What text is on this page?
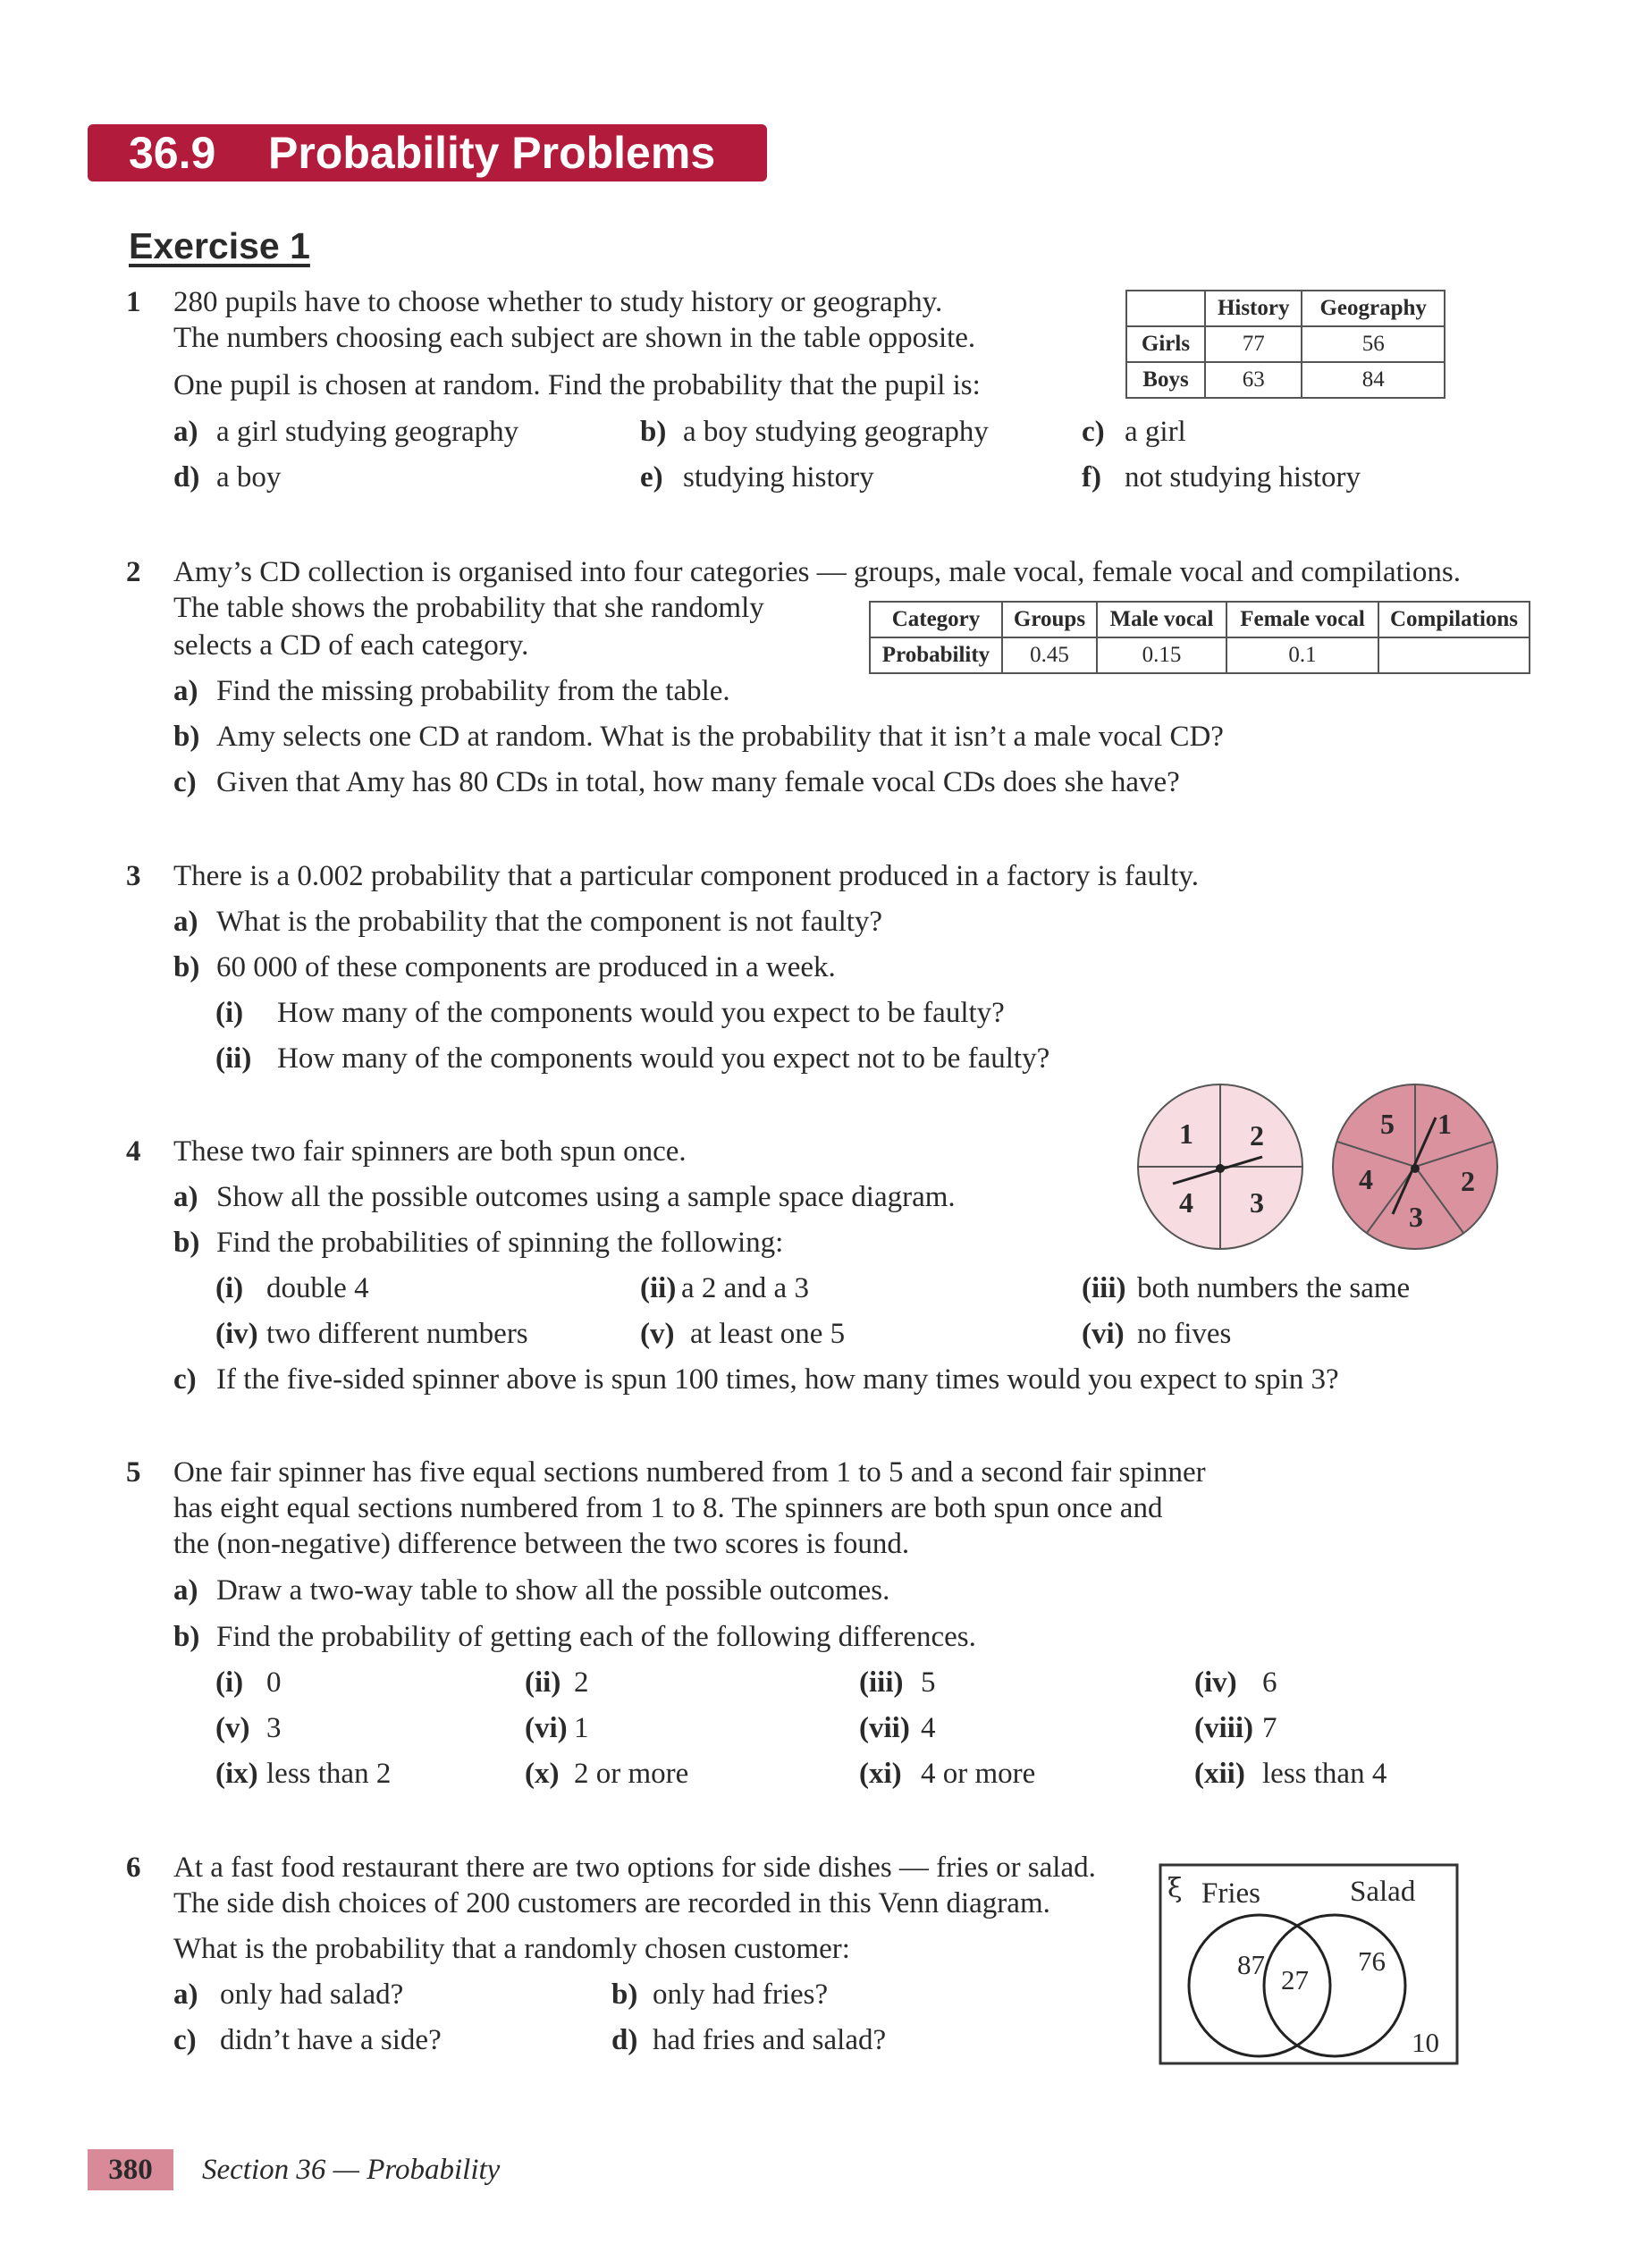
36.9 Probability Problems
Exercise 1
1 280 pupils have to choose whether to study history or geography.
The numbers choosing each subject are shown in the table opposite.
One pupil is chosen at random. Find the probability that the pupil is:
	History	Geography
Girls	77	56
Boys	63	84
a) a girl studying geography	b) a boy studying geography	c) a girl
d) a boy	e) studying history	f) not studying history
2 Amy’s CD collection is organised into four categories — groups, male vocal, female vocal and compilations.
The table shows the probability that she randomly
selects a CD of each category.
Category	Groups	Male vocal	Female vocal	Compilations
Probability	0.45	0.15	0.1	
a) Find the missing probability from the table.
b) Amy selects one CD at random. What is the probability that it isn’t a male vocal CD?
c) Given that Amy has 80 CDs in total, how many female vocal CDs does she have?
3 There is a 0.002 probability that a particular component produced in a factory is faulty.
a) What is the probability that the component is not faulty?
b) 60 000 of these components are produced in a week.
(i) How many of the components would you expect to be faulty?
(ii) How many of the components would you expect not to be faulty?
4 These two fair spinners are both spun once.
a) Show all the possible outcomes using a sample space diagram.
b) Find the probabilities of spinning the following:
(i) double 4	(ii) a 2 and a 3	(iii) both numbers the same
(iv) two different numbers	(v) at least one 5	(vi) no fives
c) If the five-sided spinner above is spun 100 times, how many times would you expect to spin 3?
1 2
3
4
5 1
2
3
4
5 One fair spinner has five equal sections numbered from 1 to 5 and a second fair spinner
has eight equal sections numbered from 1 to 8. The spinners are both spun once and
the (non-negative) difference between the two scores is found.
a) Draw a two-way table to show all the possible outcomes.
b) Find the probability of getting each of the following differences.
(i) 0	(ii) 2	(iii) 5	(iv) 6
(v) 3	(vi) 1	(vii) 4	(viii) 7
(ix) less than 2	(x) 2 or more	(xi) 4 or more	(xii) less than 4
6 At a fast food restaurant there are two options for side dishes — fries or salad.
The side dish choices of 200 customers are recorded in this Venn diagram.
What is the probability that a randomly chosen customer:
a) only had salad?	b) only had fries?
c) didn’t have a side?	d) had fries and salad?
ξ Fries	Salad
87 27
76
10
380	Section 36 — Probability
